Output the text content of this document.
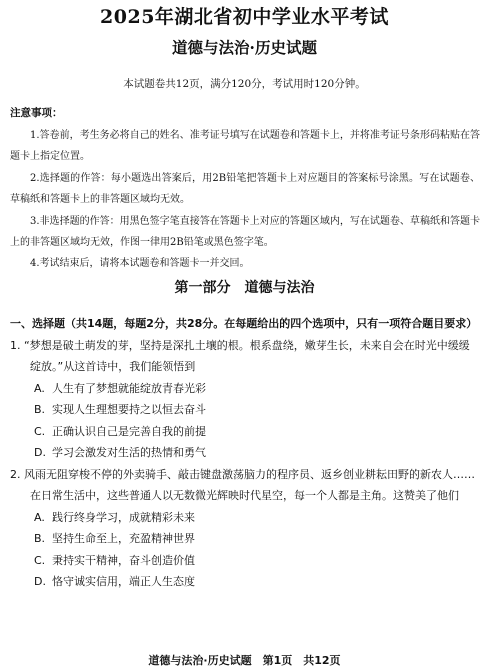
2025年湖北省初中学业水平考试
道德与法治·历史试题
本试题卷共12页，满分120分，考试用时120分钟。
注意事项：

1.答卷前，考生务必将自己的姓名、准考证号填写在试题卷和答题卡上，并将准考证号条形码粘贴在答题卡上指定位置。

2.选择题的作答：每小题选出答案后，用2B铅笔把答题卡上对应题目的答案标号涂黑。写在试题卷、草稿纸和答题卡上的非答题区域均无效。

3.非选择题的作答：用黑色签字笔直接答在答题卡上对应的答题区域内，写在试题卷、草稿纸和答题卡上的非答题区域均无效，作图一律用2B铅笔或黑色签字笔。

4.考试结束后，请将本试题卷和答题卡一并交回。

第一部分　道德与法治

一、选择题（共14题，每题2分，共28分。在每题给出的四个选项中，只有一项符合题目要求）

1. “梦想是破土萌发的芽，坚持是深扎土壤的根。根系盘绕，嫩芽生长，未来自会在时光中缓缓绽放。”从这首诗中，我们能领悟到

A. 人生有了梦想就能绽放青春光彩
B. 实现人生理想要持之以恒去奋斗
C. 正确认识自己是完善自我的前提
D. 学习会激发对生活的热情和勇气

2. 风雨无阻穿梭不停的外卖骑手、敲击键盘激荡脑力的程序员、返乡创业耕耘田野的新农人……在日常生活中，这些普通人以无数微光辉映时代星空，每一个人都是主角。这赞美了他们

A. 践行终身学习，成就精彩未来
B. 坚持生命至上，充盈精神世界
C. 秉持实干精神，奋斗创造价值
D. 恪守诚实信用，端正人生态度
道德与法治·历史试题　第1页　共12页
